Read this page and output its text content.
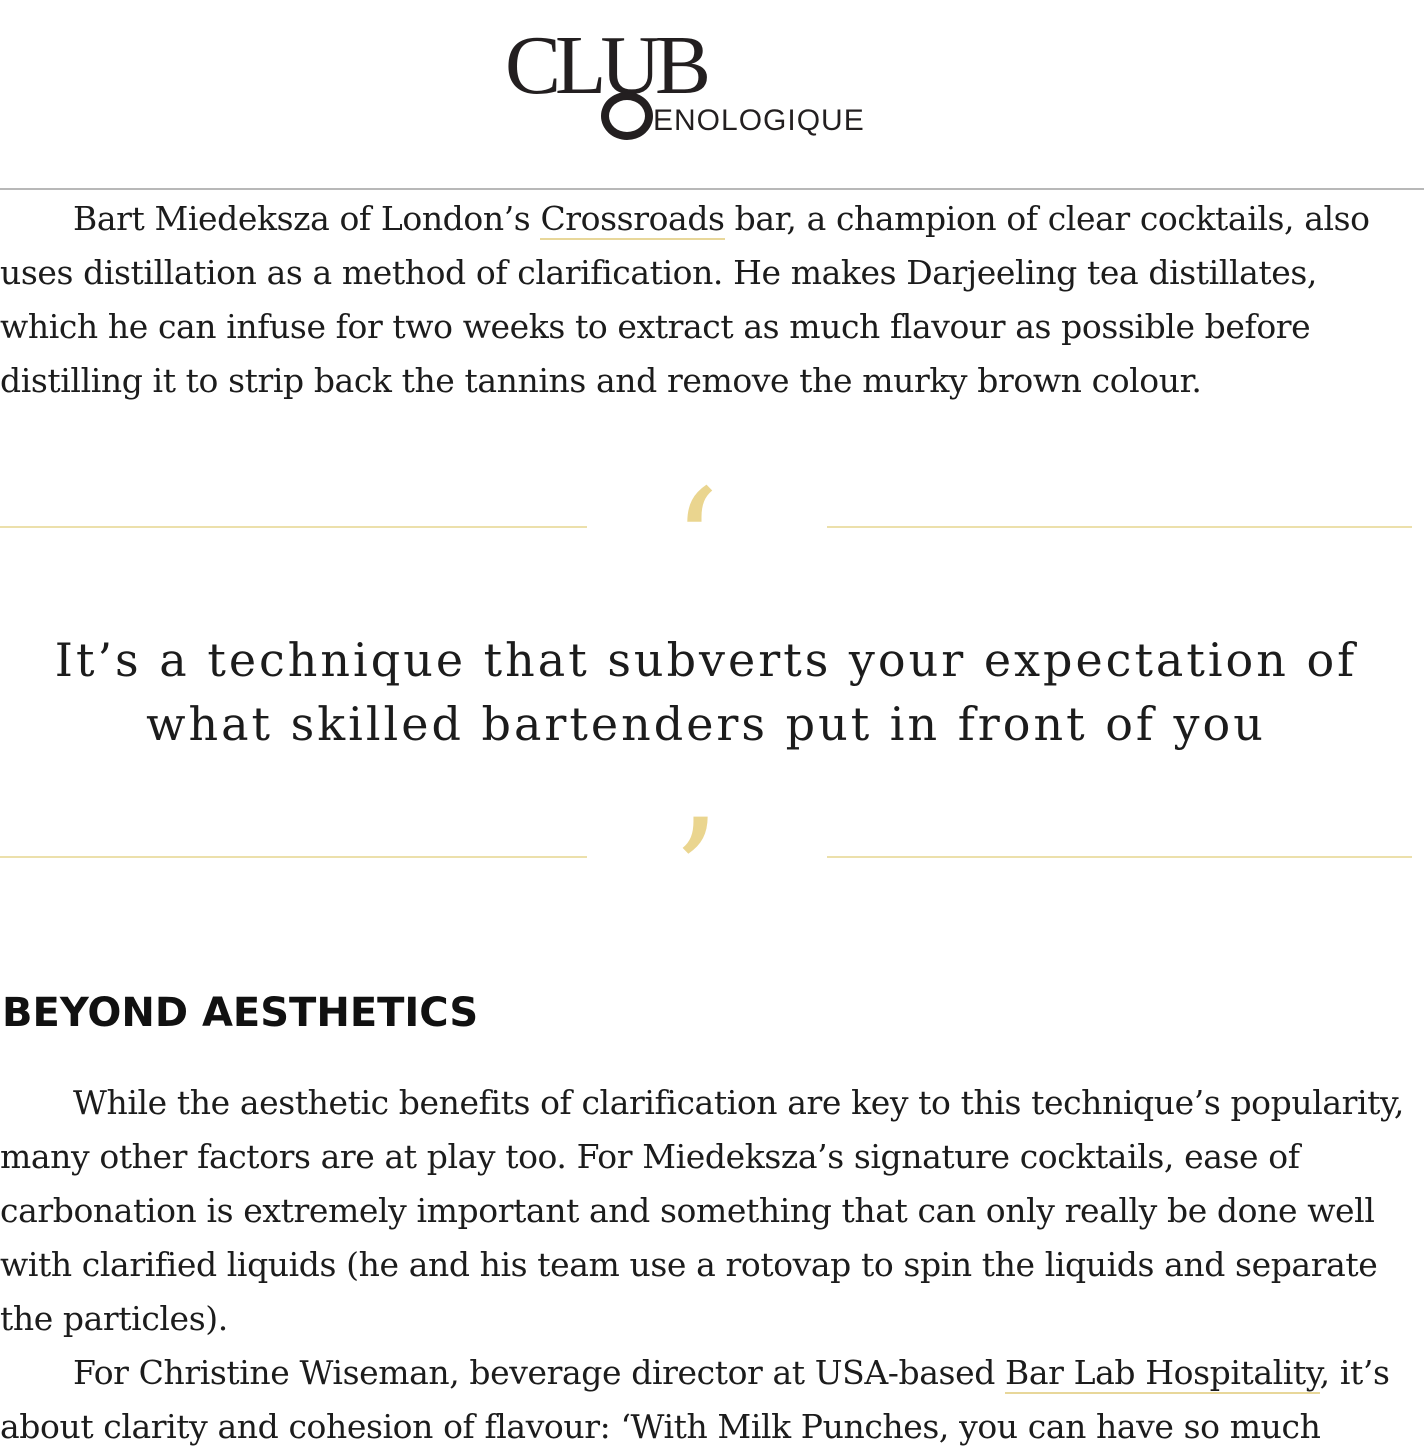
CLUB
ENOLOGIQUE

Bart Miedeksza of London’s Crossroads bar, a champion of clear cocktails, also uses distillation as a method of clarification. He makes Darjeeling tea distillates, which he can infuse for two weeks to extract as much flavour as possible before distilling it to strip back the tannins and remove the murky brown colour.

‘

It’s a technique that subverts your expectation of what skilled bartenders put in front of you

’
BEYOND AESTHETICS

While the aesthetic benefits of clarification are key to this technique’s popularity, many other factors are at play too. For Miedeksza’s signature cocktails, ease of carbonation is extremely important and something that can only really be done well with clarified liquids (he and his team use a rotovap to spin the liquids and separate the particles).

For Christine Wiseman, beverage director at USA-based Bar Lab Hospitality, it’s about clarity and cohesion of flavour: ‘With Milk Punches, you can have so much
